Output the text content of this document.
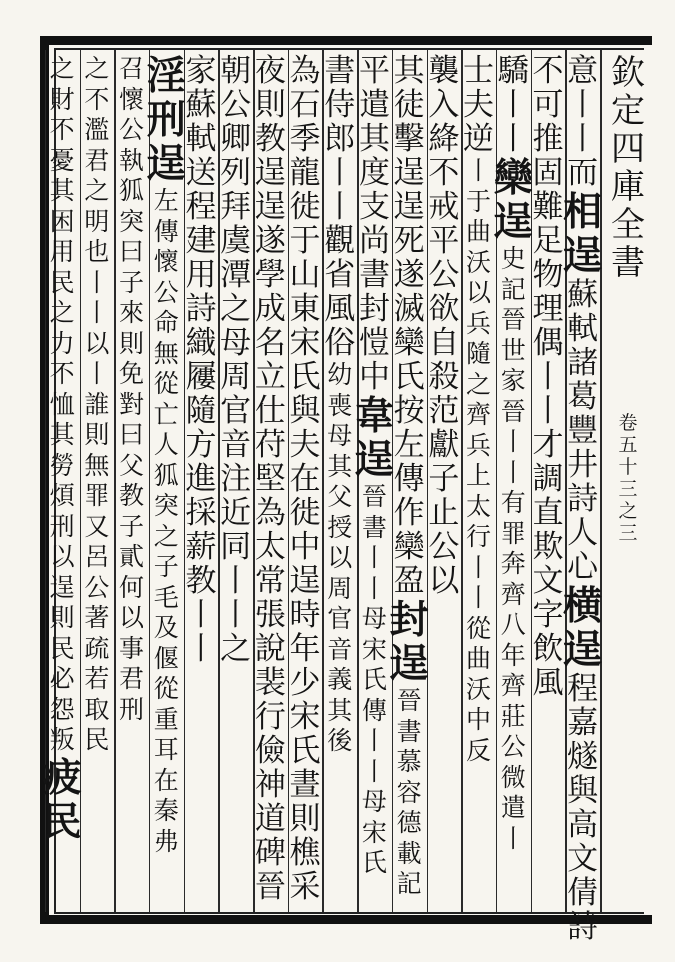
欽
定
四
庫
全
書
卷
五
十
三
之
三
意
丨
丨
而
相
逞
蘇
軾
諸
葛
豐
井
詩
人
心
横
逞
程
嘉
燧
與
高
文
倩
詩
不
可
推
固
難
足
物
理
偶
丨
丨
才
調
直
欺
文
字
飲
風
驕
丨
丨
欒
逞
史
記
晉
世
家
晉
丨
丨
有
罪
奔
齊
八
年
齊
莊
公
微
遣
丨
士
夫
逆
丨
于
曲
沃
以
兵
隨
之
齊
兵
上
太
行
丨
丨
從
曲
沃
中
反
襲
入
絳
不
戒
平
公
欲
自
殺
范
獻
子
止
公
以
其
徒
擊
逞
逞
死
遂
滅
欒
氏
按
左
傳
作
欒
盈
封
逞
晉
書
慕
容
德
載
記
平
遣
其
度
支
尚
書
封
愷
中
韋
逞
晉
書
丨
丨
母
宋
氏
傳
丨
丨
母
宋
氏
書
侍
郎
丨
丨
觀
省
風
俗
幼
喪
母
其
父
授
以
周
官
音
義
其
後
為
石
季
龍
徙
于
山
東
宋
氏
與
夫
在
徙
中
逞
時
年
少
宋
氏
晝
則
樵
采
夜
則
教
逞
逞
遂
學
成
名
立
仕
苻
堅
為
太
常
張
說
裴
行
儉
神
道
碑
晉
朝
公
卿
列
拜
虞
潭
之
母
周
官
音
注
近
同
丨
丨
之
家
蘇
軾
送
程
建
用
詩
織
屨
隨
方
進
採
薪
教
丨
丨
淫
刑
逞
左
傳
懷
公
命
無
從
亡
人
狐
突
之
子
毛
及
偃
從
重
耳
在
秦
弗
召
懷
公
執
狐
突
曰
子
來
則
免
對
曰
父
教
子
貳
何
以
事
君
刑
之
不
濫
君
之
明
也
丨
丨
以
丨
誰
則
無
罪
又
呂
公
著
疏
若
取
民
之
財
不
憂
其
困
用
民
之
力
不
恤
其
勞
煩
刑
以
逞
則
民
必
怨
叛
疲
民
